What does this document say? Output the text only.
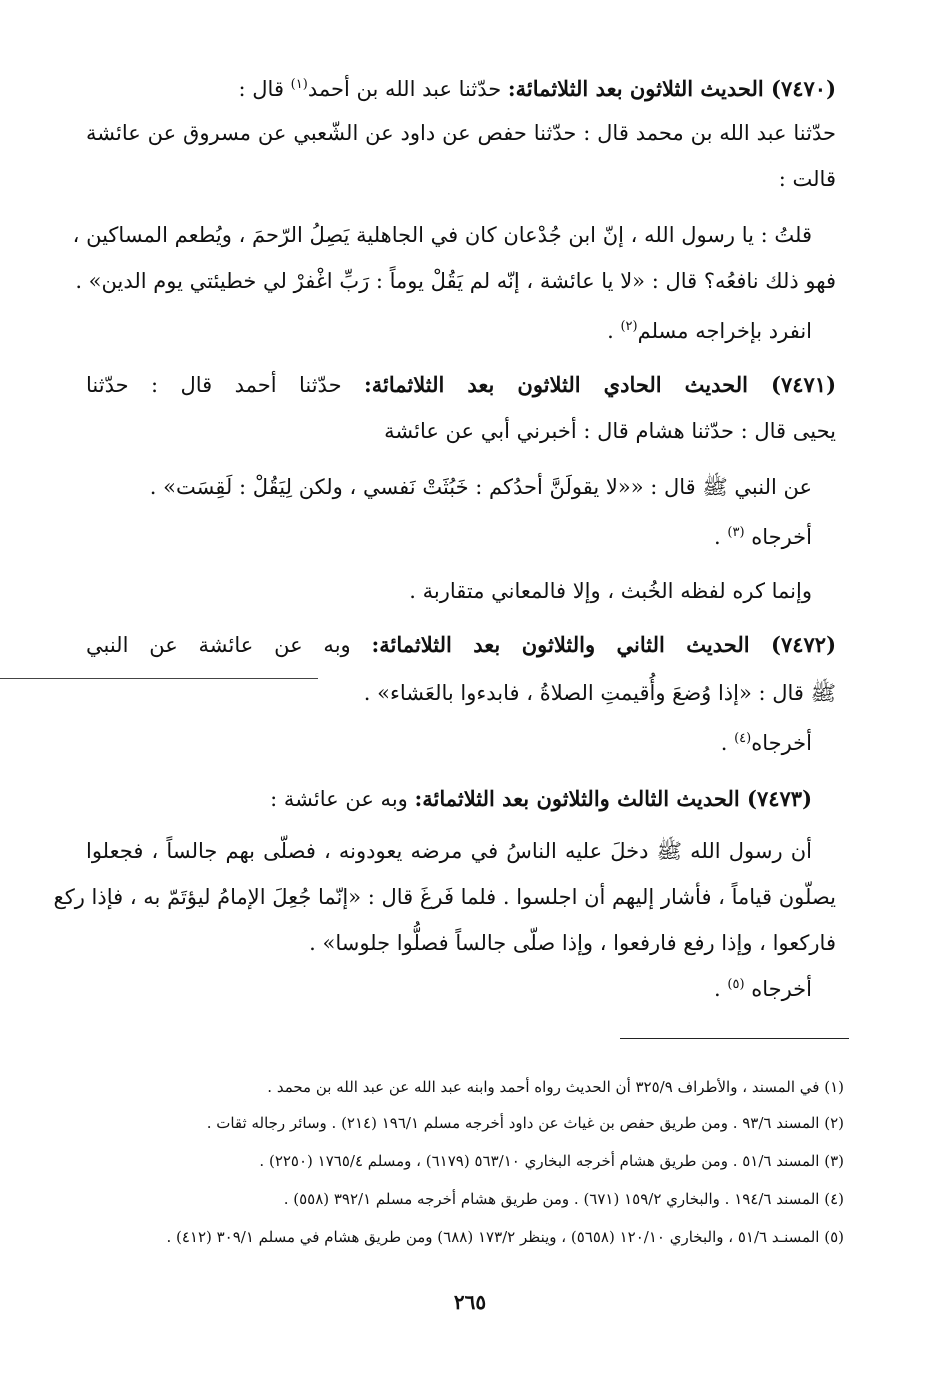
(٧٤٧٠) الحديث الثلاثون بعد الثلاثمائة: حدّثنا عبد الله بن أحمد$^{(١)}$ قال :
حدّثنا عبد الله بن محمد قال : حدّثنا حفص عن داود عن الشّعبي عن مسروق عن عائشة
قالت :
قلتُ : يا رسول الله ، إنّ ابن جُدْعان كان في الجاهلية يَصِلُ الرّحمَ ، ويُطعم المساكين ،
فهو ذلك نافعُه؟ قال : «لا يا عائشة ، إنّه لم يَقُلْ يوماً : رَبِّ اغْفرْ لي خطيئتي يوم الدين» .
انفرد بإخراجه مسلم$^{(٢)}$ .
(٧٤٧١) الحديث الحادي الثلاثون بعد الثلاثمائة: حدّثنا أحمد قال : حدّثنا
يحيى قال : حدّثنا هشام قال : أخبرني أبي عن عائشة
عن النبي ﷺ قال : ««لا يقولَنَّ أحدُكم : خَبُثَتْ نَفسي ، ولكن لِيَقُلْ : لَقِسَت» .
أخرجاه $^{(٣)}$ .
وإنما كره لفظه الخُبث ، وإلا فالمعاني متقاربة .
(٧٤٧٢) الحديث الثاني والثلاثون بعد الثلاثمائة: وبه عن عائشة عن النبي
ﷺ قال : «إذا وُضعَ وأُقيمتِ الصلاةُ ، فابدءوا بالعَشاء» .
أخرجاه$^{(٤)}$ .
(٧٤٧٣) الحديث الثالث والثلاثون بعد الثلاثمائة: وبه عن عائشة :
أن رسول الله ﷺ دخلَ عليه الناسُ في مرضه يعودونه ، فصلّى بهم جالساً ، فجعلوا
يصلّون قياماً ، فأشار إليهم أن اجلسوا . فلما فَرغَ قال : «إنّما جُعِلَ الإمامُ ليؤتَمّ به ، فإذا ركع
فاركعوا ، وإذا رفع فارفعوا ، وإذا صلّى جالساً فصلُّوا جلوسا» .
أخرجاه $^{(٥)}$ .
(١) في المسند ، والأطراف ٣٢٥/٩ أن الحديث رواه أحمد وابنه عبد الله عن عبد الله بن محمد .
(٢) المسند ٩٣/٦ . ومن طريق حفص بن غياث عن داود أخرجه مسلم ١٩٦/١ (٢١٤) . وسائر رجاله ثقات .
(٣) المسند ٥١/٦ . ومن طريق هشام أخرجه البخاري ٥٦٣/١٠ (٦١٧٩) ، ومسلم ١٧٦٥/٤ (٢٢٥٠) .
(٤) المسند ١٩٤/٦ . والبخاري ١٥٩/٢ (٦٧١) . ومن طريق هشام أخرجه مسلم ٣٩٢/١ (٥٥٨) .
(٥) المسنـد ٥١/٦ ، والبخاري ١٢٠/١٠ (٥٦٥٨) ، وينظر ١٧٣/٢ (٦٨٨) ومن طريق هشام في مسلم ٣٠٩/١ (٤١٢) .
٢٦٥
